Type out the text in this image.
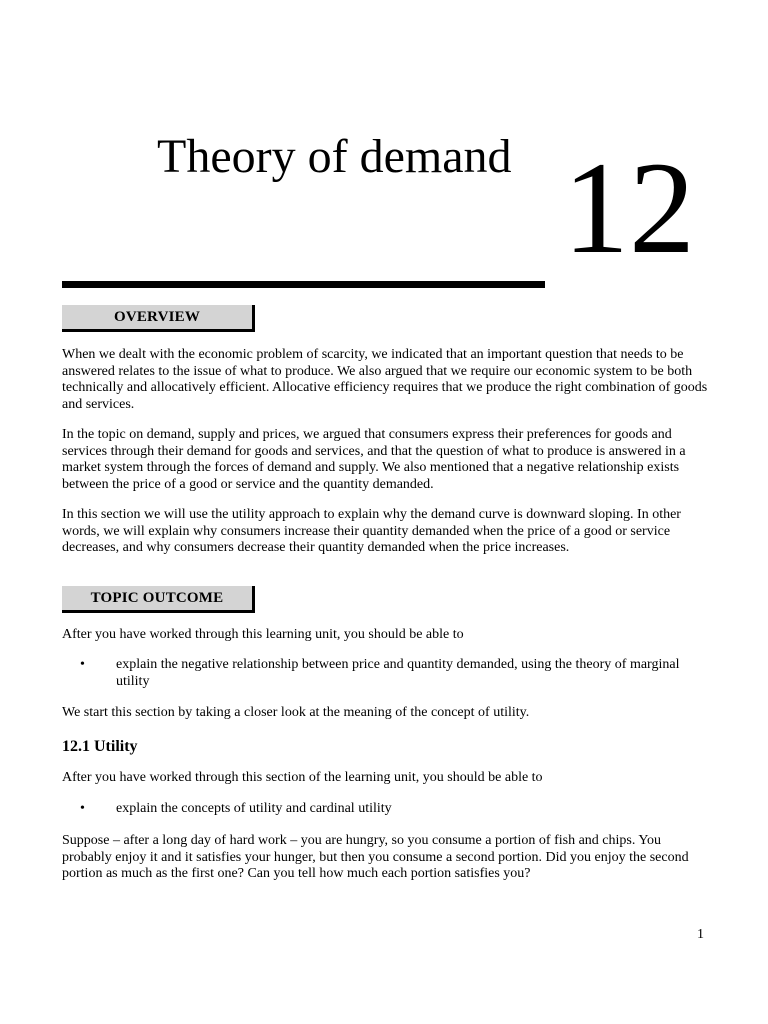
Theory of demand 12
OVERVIEW

When we dealt with the economic problem of scarcity, we indicated that an important question that needs to be answered relates to the issue of what to produce. We also argued that we require our economic system to be both technically and allocatively efficient. Allocative efficiency requires that we produce the right combination of goods and services.

In the topic on demand, supply and prices, we argued that consumers express their preferences for goods and services through their demand for goods and services, and that the question of what to produce is answered in a market system through the forces of demand and supply. We also mentioned that a negative relationship exists between the price of a good or service and the quantity demanded.

In this section we will use the utility approach to explain why the demand curve is downward sloping. In other words, we will explain why consumers increase their quantity demanded when the price of a good or service decreases, and why consumers decrease their quantity demanded when the price increases.

TOPIC OUTCOME

After you have worked through this learning unit, you should be able to

• explain the negative relationship between price and quantity demanded, using the theory of marginal utility

We start this section by taking a closer look at the meaning of the concept of utility.

12.1 Utility

After you have worked through this section of the learning unit, you should be able to

• explain the concepts of utility and cardinal utility

Suppose – after a long day of hard work – you are hungry, so you consume a portion of fish and chips. You probably enjoy it and it satisfies your hunger, but then you consume a second portion. Did you enjoy the second portion as much as the first one? Can you tell how much each portion satisfies you?

1
